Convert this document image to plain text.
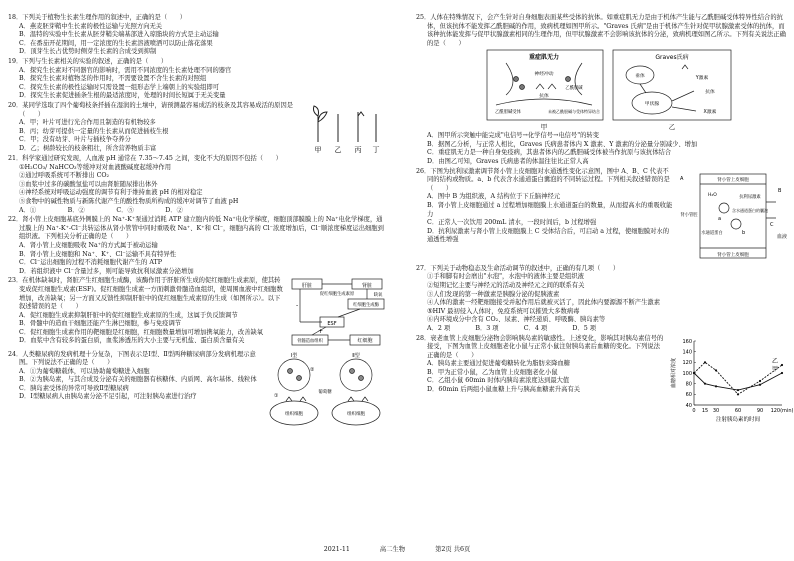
18．下列关于植物生长素生理作用的叙述中，正确的是（　　）
A．燕麦胚芽鞘中生长素的极性运输与光照方向无关
B．温特的实验中生长素从胚芽鞘尖端基部进入琼脂块的方式是主动运输
C．在番茄开花期间，用一定浓度的生长素溶液喷洒可以防止落花落果
D．顶芽生长占优势时侧芽生长素的合成受到抑制
19．下列与生长素相关的实验的叙述，正确的是（　　）
A．探究生长素对不同器官的影响时，需用不同浓度的生长素处理不同的器官
B．探究生长素对植物茎的作用时，不需要设置不含生长素的对照组
C．探究生长素的极性运输时只需设置一组形态学上端朝上的实验组即可
D．探究生长素促进插条生根的最适浓度时，处理的时间长短属于无关变量
20．某同学选取了四个葡萄枝条扦插在湿润的土壤中，请预测最容易成活的枝条及其容易成活的原因是（　　）
A．甲；叶片可进行光合作用且制造的有机物较多
B．丙；幼芽可提供一定量的生长素从而促进插枝生根
C．甲；没有幼芽、叶片与插枝争夺养分
D．乙；树龄较长的枝条粗壮，所含营养物质丰富	甲 乙 丙 丁
21．科学家通过研究发现，人血液 pH 通常在 7.35～7.45 之间，变化不大的原因不包括（　　）
①H₂CO₃/ NaHCO₃等缓冲对对血液酸碱度起缓冲作用
②通过呼吸系统可不断排出 CO₂
③血浆中过多的碳酸氢盐可以由肾脏随尿排出体外
④神经系统对呼吸运动强度的调节有利于维持血液 pH 的相对稳定
⑤食物中的碱性物质与新陈代谢产生的酸性物质所构成的缓冲对调节了血液 pH
A．①　　　　　B．②　　　　　C．⑤　　　　　D．②
22．肾小管上皮细胞基底外侧膜上的 Na⁺-K⁺泵通过消耗 ATP 建立胞内的低 Na⁺电化学梯度，细胞顶部膜膜上的 Na⁺电化学梯度，通过膜上的 Na⁺-K⁺-Cl⁻共转运体从肾小管管中同时重吸收 Na⁺、K⁺和 Cl⁻，细胞内高的 Cl⁻浓度增加后，Cl⁻顺浓度梯度运出细胞到组织液。下列相关分析正确的是（　　）
A．肾小管上皮细胞吸收 Na⁺的方式属于被动运输
B．肾小管上皮细胞和 Na⁺、K⁺、Cl⁻运输不具有特异性
C．Cl⁻运出细胞的过程不消耗细胞代谢产生的 ATP
D．若组织液中 Cl⁻含量过多，则可能导致抗利尿激素分泌增加
23．在机体缺氧时，肾脏产生红细胞生成酶，该酶作用于肝脏所生成的促红细胞生成素原，使其转变成促红细胞生成素(ESF)。促红细胞生成素一方面刺激骨髓造血组织，使周围血液中红细胞数增加，改善缺氧；另一方面又反馈性抑制肝脏中的促红细胞生成素原的生成（如图所示）。以下叙述错误的是（　　）
A．促红细胞生成素抑制肝脏中的促红细胞生成素原的生成，这属于负反馈调节
B．骨髓中的造血干细胞还能产生淋巴细胞，参与免疫调节
C．促红细胞生成素作用的靶细胞是红细胞，红细胞数量增加可增加携氧能力，改善缺氧
D．血浆中含有较多的蛋白质，血浆渗透压的大小主要与无机盐、蛋白质含量有关
肝脏	肾脏
红细胞生成酶
ESF
骨髓造血组织	红细胞
促红细胞生成素原	缺氧
-
+
24．人类糖尿病的发病机理十分复杂，下图表示是Ⅰ型、Ⅱ型两种糖尿病部分发病机理示意图。下列说法不正确的是（　　）
A．①为葡萄糖载体，可以协助葡萄糖进入细胞
B．②为胰岛素，与其合成及分泌有关的细胞器有核糖体、内质网、高尔基体、线粒体
C．胰岛素受体的异常可导致Ⅱ型糖尿病
D．Ⅰ型糖尿病人由胰岛素分泌不足引起，可注射胰岛素进行治疗
Ⅰ型	Ⅱ型
葡萄糖
组织细胞	组织细胞
①
②
25．人体在特殊情况下，会产生针对自身细胞表面某些受体的抗体。如重症肌无力是由于机体产生能与乙酰胆碱受体特异性结合的抗体，但该抗体不能发挥乙酰胆碱的作用，致病机理如图甲所示。"Graves 氏病"是由于机体产生针对促甲状腺激素受体的抗体，而该种抗体能发挥与促甲状腺激素相同的生理作用，但甲状腺激素不会影响该抗体的分泌，致病机理如图乙所示。下列有关说法正确的是（　　）
重症肌无力
神经冲动
抗体
乙酰胆碱受体	未被乙酰胆碱与受体特异结合
乙酰胆碱
甲
Graves氏病
垂体
甲状腺
Y激素
抗体
X激素
乙
A．图甲所示突触中能完成"电信号→化学信号→电信号"的转变
B．据图乙分析，与正常人相比，Graves 氏病患者体内 X 激素、Y 激素的分泌量分别减少、增加
C．重症肌无力是一种自身免疫病，其患者体内的乙酰胆碱受体被当作抗原与该抗体结合
D．由图乙可知，Graves 氏病患者的体温往往比正常人高
26．下图为抗利尿激素调节肾小管上皮细胞对水通透性变化示意图，图中 A、B、C 代表不同的结构或物质。a、b 代表含水通道蛋白囊泡的不同转运过程。下列相关叙述错误的是（　　）
A．图中 B 为组织液，A 结构位于下丘脑神经元
B．肾小管上皮细胞通过 a 过程增加细胞膜上水通道蛋白的数量，从而提高水的重吸收能力
C．正常人一次饮用 200mL 清水，一段时间后，b 过程增强
D．抗利尿激素与肾小管上皮细胞膜上 C 受体结合后，可启动 a 过程，使细胞膜对水的通透性增强
肾小管上皮细胞
肾小管上皮细胞
肾小管腔
血液
抗利尿激素
含水通道蛋白的囊泡
水通道蛋白
H₂O
a
b
A
B
C
27．下列关于动物稳态及生命活动调节的叙述中，正确的有几项（　　）
①手和脚有时会磨出"水泡"，水泡中的液体主要是组织液
②短期记忆主要与神经元的活动及神经元之间的联系有关
③人们发现的第一种激素是胰腺分泌的促胰液素
④人体的激素一经靶细胞接受并起作用后就被灭活了，因此体内要源源不断产生激素
⑤HIV 最初侵入人体时，免疫系统可以摧毁大多数病毒
⑥内环境成分中含有 CO₂、尿素、神经递质、呼吸酶、胰岛素等
A．2 项　　　　B．3 项　　　　C．4 项　　　　D．5 项
28．衰老血管上皮细胞分泌物会影响胰岛素的敏感性。上述变化，影响其对胰岛素信号的接受，下图为血管上皮细胞老化小鼠与正常小鼠注射胰岛素后血糖的变化。下列说法正确的是（　　）
A．胰岛素主要通过促进葡萄糖转化为脂肪来降血糖
B．甲为正常小鼠，乙为血管上皮细胞老化小鼠
C．乙组小鼠 60min 时体内胰岛素浓度达到最大值
D．60min 后两组小鼠血糖上升与胰高血糖素升高有关
40
60
80
100
120
140
160
0 15 30	60	90 120(min)
注射胰岛素的时间
血糖相对浓度	甲
乙
2021-11	高二生物	第2页 共6页
